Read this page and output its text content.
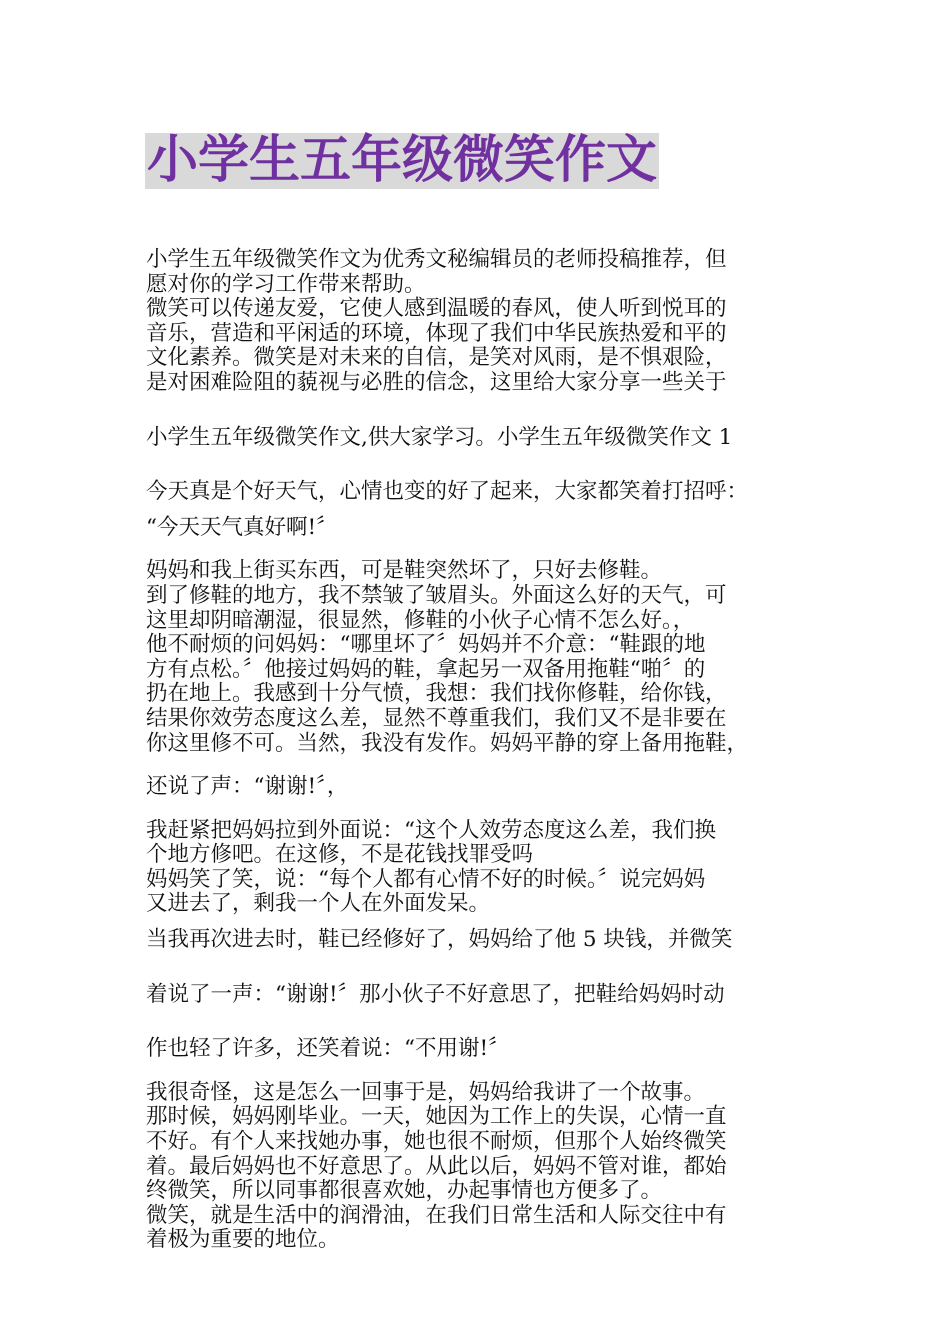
小学生五年级微笑作文

小学生五年级微笑作文为优秀文秘编辑员的老师投稿推荐，但

愿对你的学习工作带来帮助。

微笑可以传递友爱，它使人感到温暖的春风，使人听到悦耳的

音乐，营造和平闲适的环境，体现了我们中华民族热爱和平的

文化素养。微笑是对未来的自信，是笑对风雨，是不惧艰险，

是对困难险阻的藐视与必胜的信念，这里给大家分享一些关于

小学生五年级微笑作文,供大家学习。小学生五年级微笑作文 1

今天真是个好天气，心情也变的好了起来，大家都笑着打招呼：

“今天天气真好啊!〞

妈妈和我上街买东西，可是鞋突然坏了，只好去修鞋。

到了修鞋的地方，我不禁皱了皱眉头。外面这么好的天气，可

这里却阴暗潮湿，很显然，修鞋的小伙子心情不怎么好。，

他不耐烦的问妈妈：“哪里坏了〞妈妈并不介意：“鞋跟的地

方有点松。〞他接过妈妈的鞋，拿起另一双备用拖鞋“啪〞的

扔在地上。我感到十分气愤，我想：我们找你修鞋，给你钱，

结果你效劳态度这么差，显然不尊重我们，我们又不是非要在

你这里修不可。当然，我没有发作。妈妈平静的穿上备用拖鞋，

还说了声：“谢谢!〞，

我赶紧把妈妈拉到外面说：“这个人效劳态度这么差，我们换

个地方修吧。在这修，不是花钱找罪受吗

妈妈笑了笑，说：“每个人都有心情不好的时候。〞说完妈妈

又进去了，剩我一个人在外面发呆。

当我再次进去时，鞋已经修好了，妈妈给了他 5 块钱，并微笑

着说了一声：“谢谢!〞那小伙子不好意思了，把鞋给妈妈时动

作也轻了许多，还笑着说：“不用谢!〞

我很奇怪，这是怎么一回事于是，妈妈给我讲了一个故事。

那时候，妈妈刚毕业。一天，她因为工作上的失误，心情一直

不好。有个人来找她办事，她也很不耐烦，但那个人始终微笑

着。最后妈妈也不好意思了。从此以后，妈妈不管对谁，都始

终微笑，所以同事都很喜欢她，办起事情也方便多了。

微笑，就是生活中的润滑油，在我们日常生活和人际交往中有

着极为重要的地位。
